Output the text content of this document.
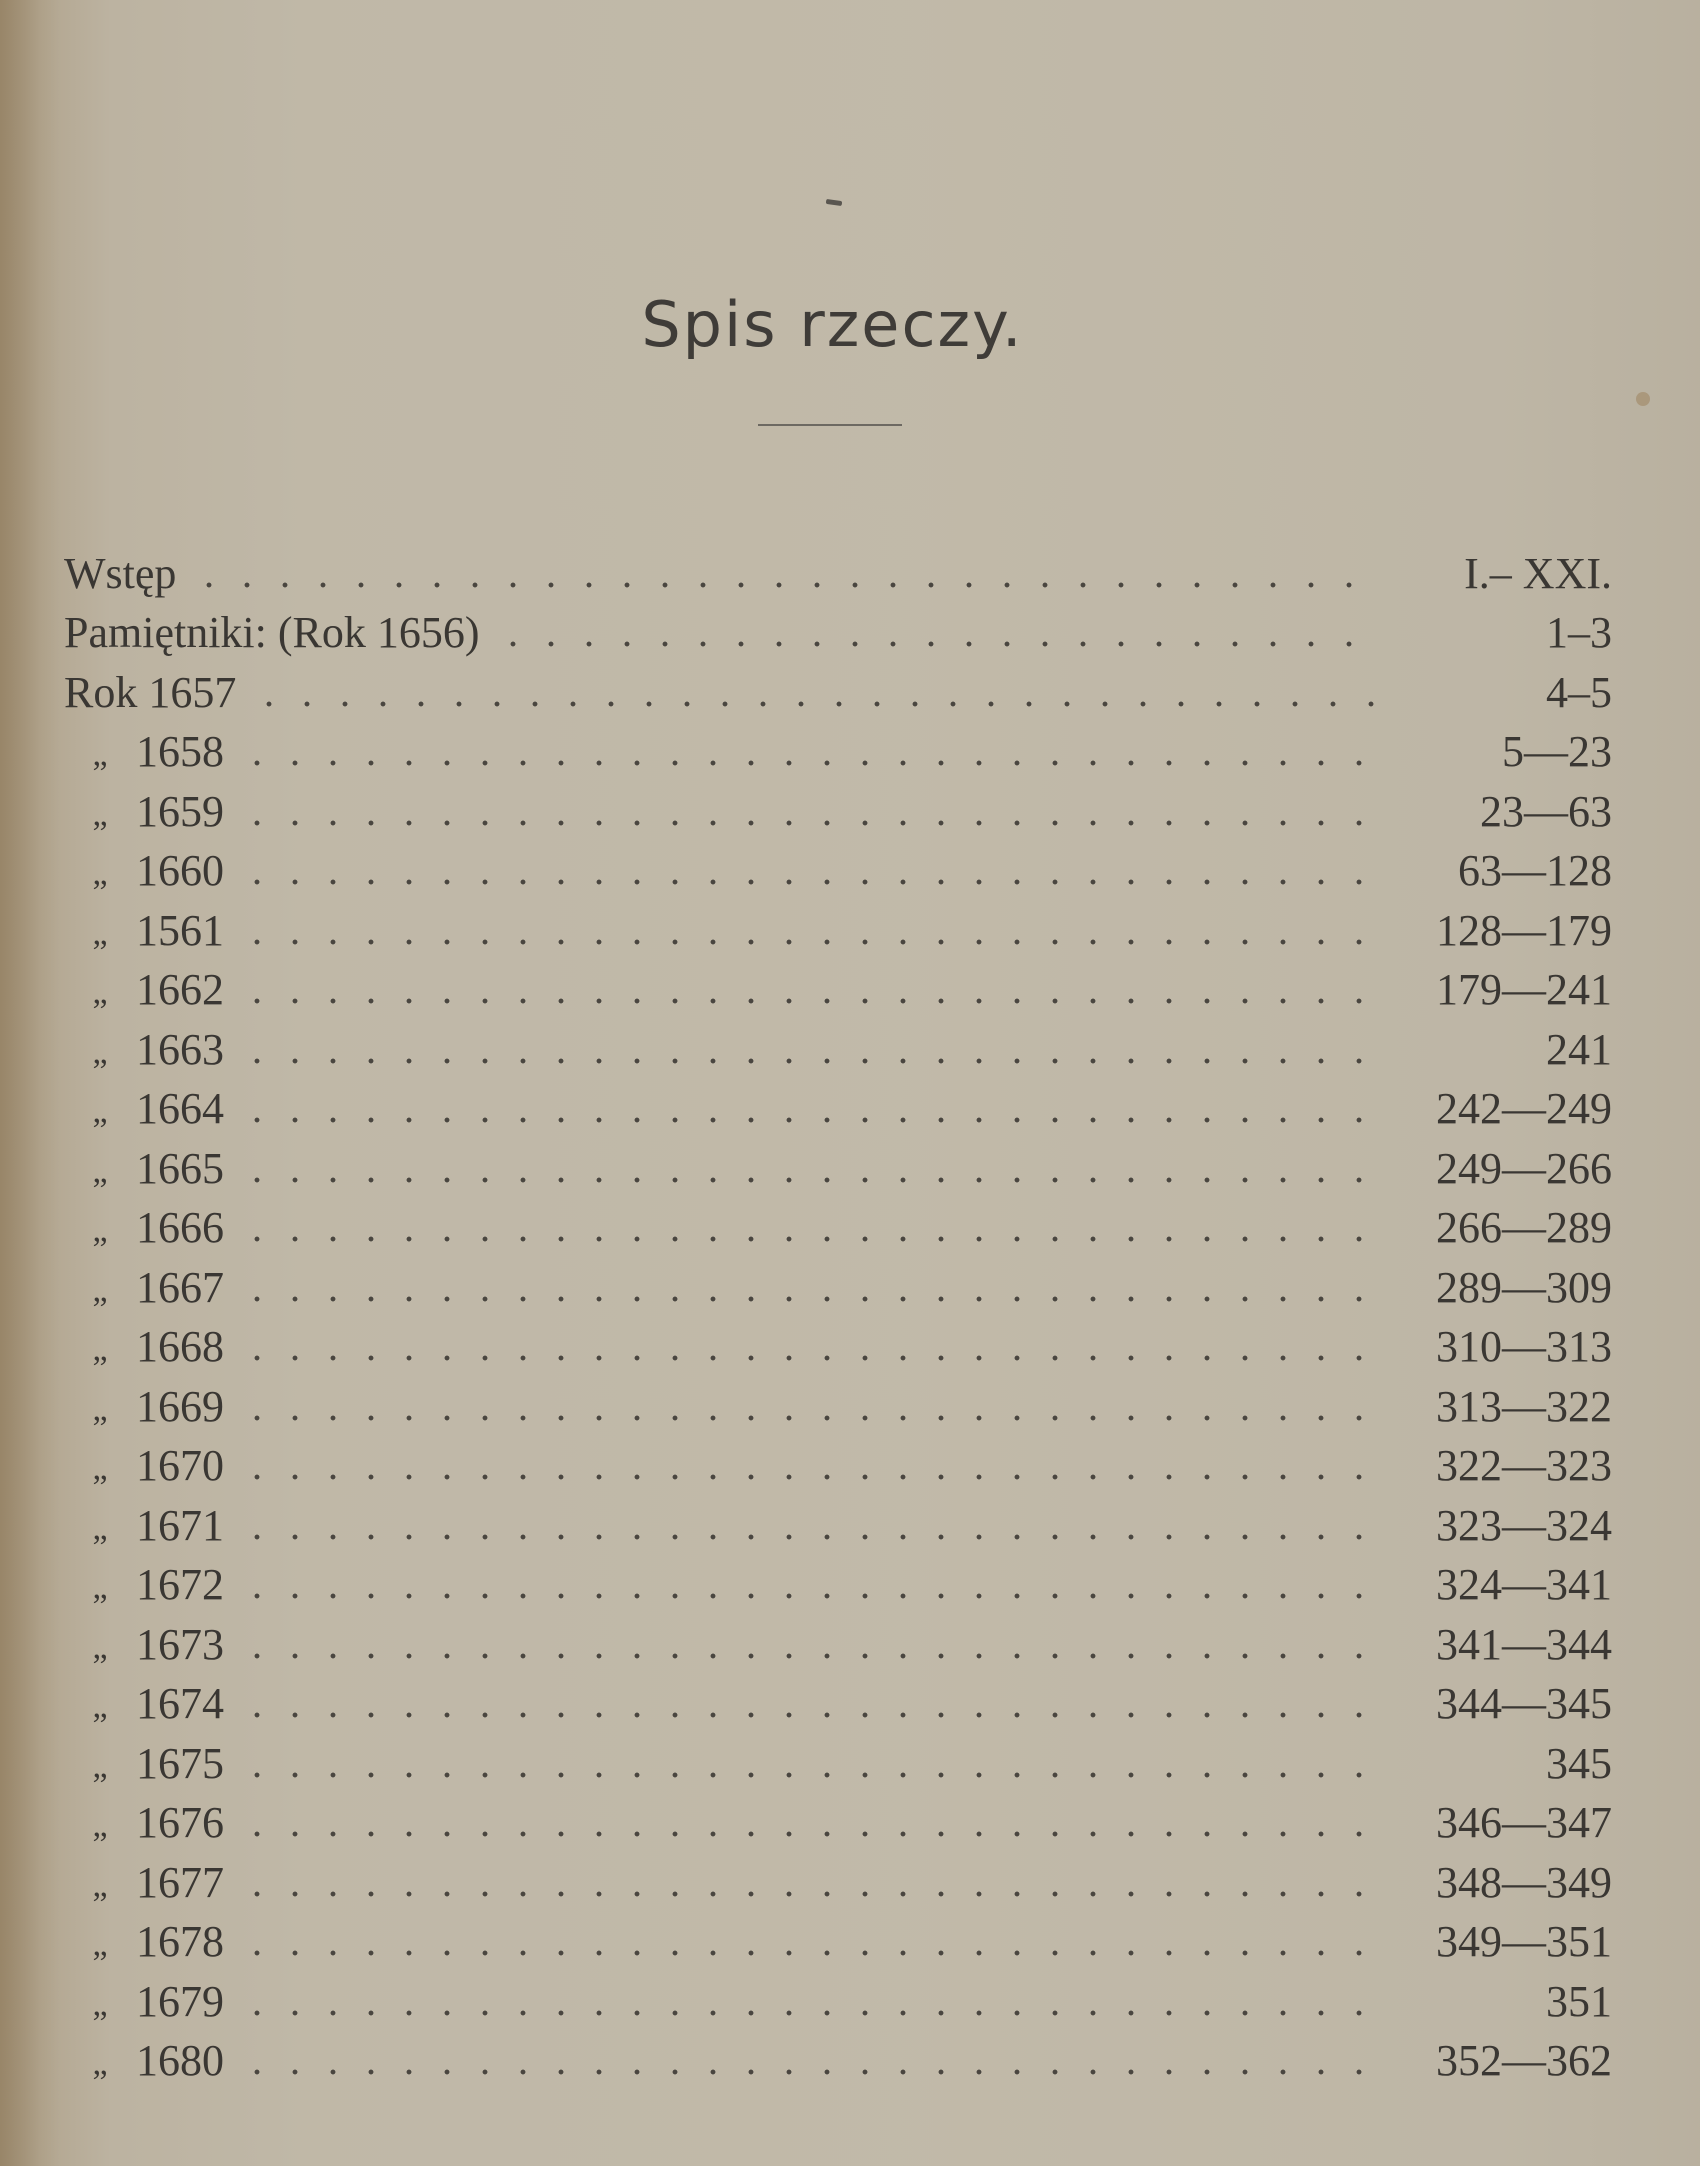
Spis rzeczy.
Wstęp	I.– XXI.
Pamiętniki: (Rok 1656)	1–3
Rok 1657	4–5
„ 1658	5—23
„ 1659	23—63
„ 1660	63—128
„ 1561	128—179
„ 1662	179—241
„ 1663	241
„ 1664	242—249
„ 1665	249—266
„ 1666	266—289
„ 1667	289—309
„ 1668	310—313
„ 1669	313—322
„ 1670	322—323
„ 1671	323—324
„ 1672	324—341
„ 1673	341—344
„ 1674	344—345
„ 1675	345
„ 1676	346—347
„ 1677	348—349
„ 1678	349—351
„ 1679	351
„ 1680	352—362
